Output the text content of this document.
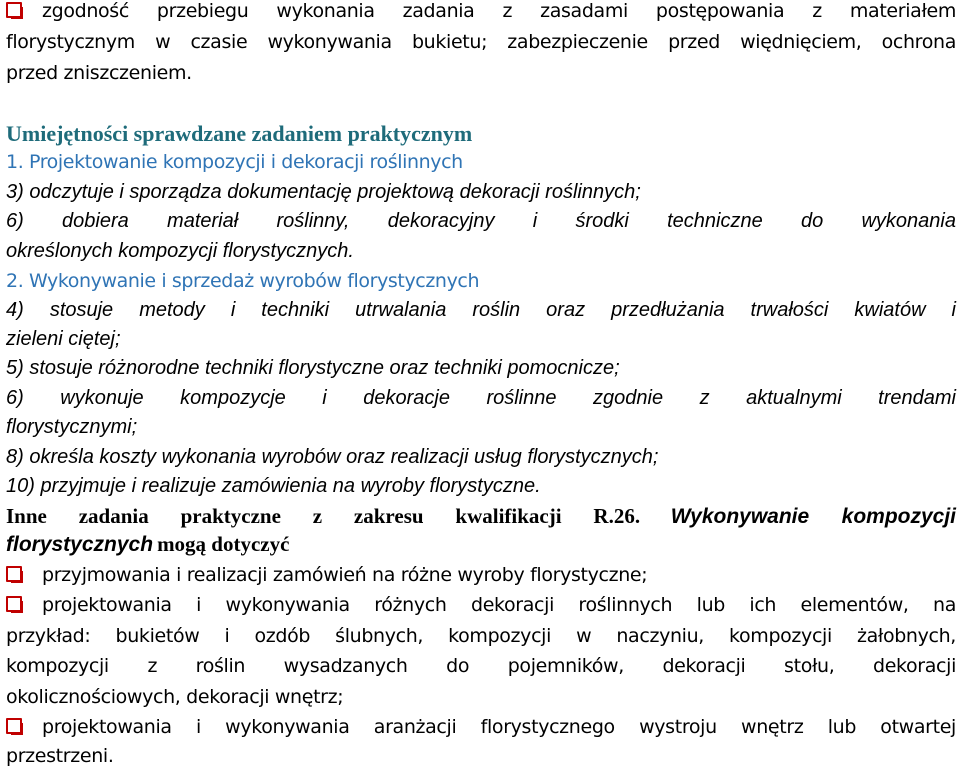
zgodność przebiegu wykonania zadania z zasadami postępowania z materiałem
florystycznym w czasie wykonywania bukietu; zabezpieczenie przed więdnięciem, ochrona
przed zniszczeniem.
Umiejętności sprawdzane zadaniem praktycznym
1. Projektowanie kompozycji i dekoracji roślinnych
3) odczytuje i sporządza dokumentację projektową dekoracji roślinnych;
6) dobiera materiał roślinny, dekoracyjny i środki techniczne do wykonania
określonych kompozycji florystycznych.
2. Wykonywanie i sprzedaż wyrobów florystycznych
4) stosuje metody i techniki utrwalania roślin oraz przedłużania trwałości kwiatów i
zieleni ciętej;
5) stosuje różnorodne techniki florystyczne oraz techniki pomocnicze;
6) wykonuje kompozycje i dekoracje roślinne zgodnie z aktualnymi trendami
florystycznymi;
8) określa koszty wykonania wyrobów oraz realizacji usług florystycznych;
10) przyjmuje i realizuje zamówienia na wyroby florystyczne.
Inne zadania praktyczne z zakresu kwalifikacji R.26. Wykonywanie kompozycji
florystycznych mogą dotyczyć
przyjmowania i realizacji zamówień na różne wyroby florystyczne;
projektowania i wykonywania różnych dekoracji roślinnych lub ich elementów, na
przykład: bukietów i ozdób ślubnych, kompozycji w naczyniu, kompozycji żałobnych,
kompozycji z roślin wysadzanych do pojemników, dekoracji stołu, dekoracji
okolicznościowych, dekoracji wnętrz;
projektowania i wykonywania aranżacji florystycznego wystroju wnętrz lub otwartej
przestrzeni.
